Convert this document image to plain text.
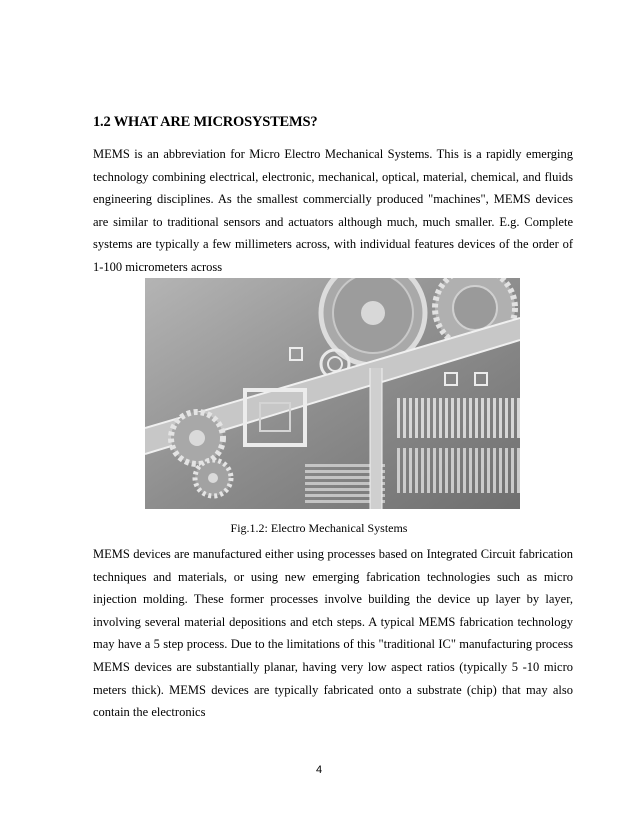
1.2 WHAT ARE MICROSYSTEMS?

MEMS is an abbreviation for Micro Electro Mechanical Systems. This is a rapidly emerging technology combining electrical, electronic, mechanical, optical, material, chemical, and fluids engineering disciplines. As the smallest commercially produced "machines", MEMS devices are similar to traditional sensors and actuators although much, much smaller. E.g. Complete systems are typically a few millimeters across, with individual features devices of the order of 1-100 micrometers across

Fig.1.2: Electro Mechanical Systems

MEMS devices are manufactured either using processes based on Integrated Circuit fabrication techniques and materials, or using new emerging fabrication technologies such as micro injection molding. These former processes involve building the device up layer by layer, involving several material depositions and etch steps. A typical MEMS fabrication technology may have a 5 step process. Due to the limitations of this "traditional IC" manufacturing process MEMS devices are substantially planar, having very low aspect ratios (typically 5 -10 micro meters thick). MEMS devices are typically fabricated onto a substrate (chip) that may also contain the electronics

4
